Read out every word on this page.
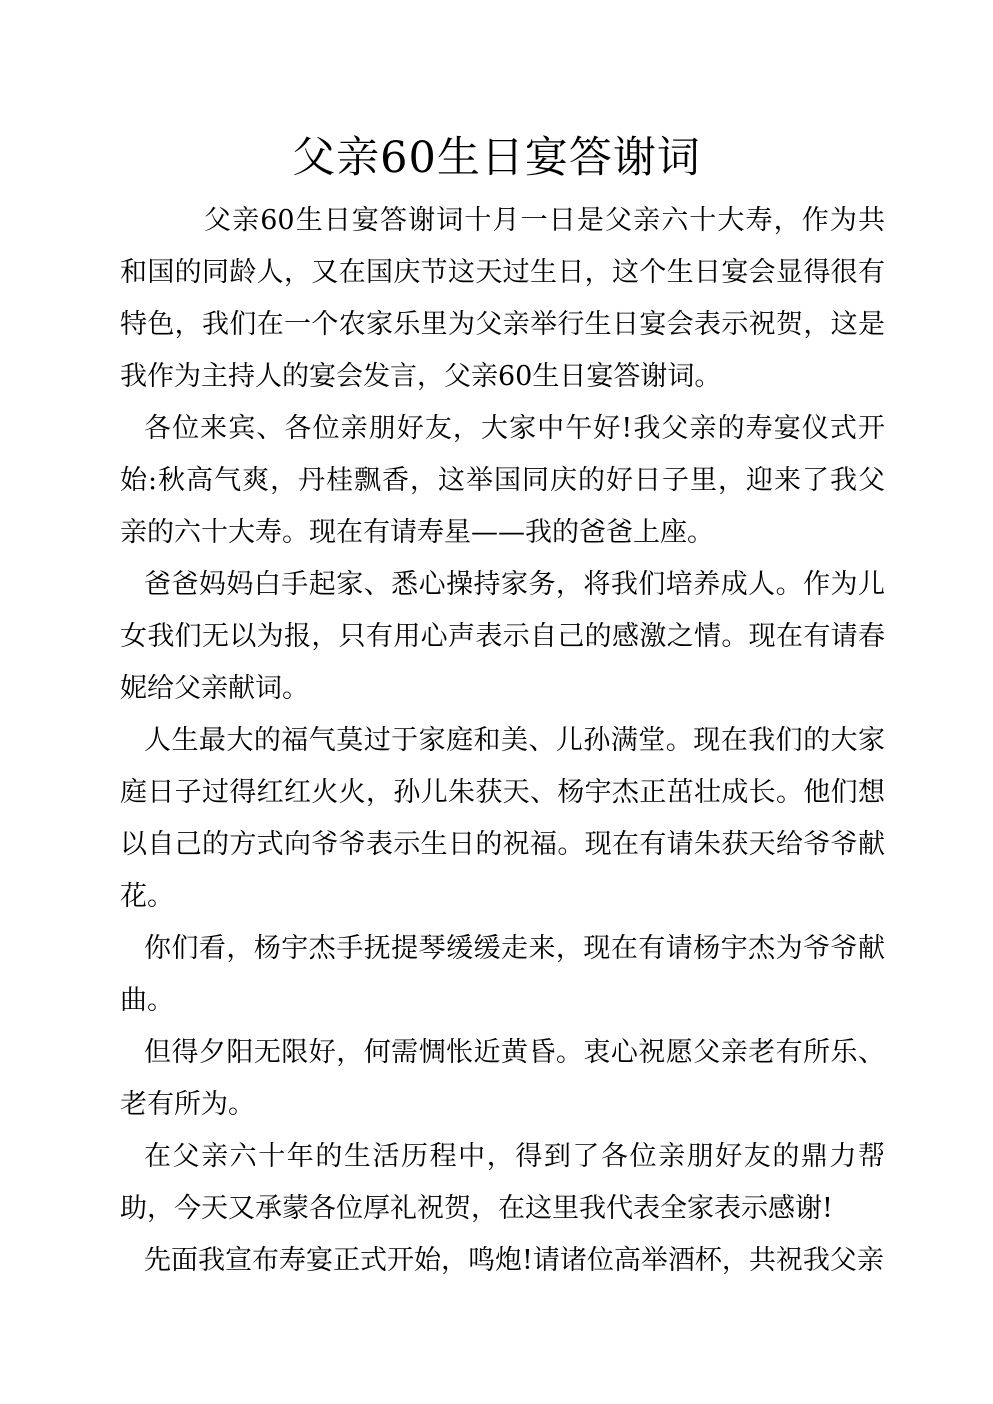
父亲60生日宴答谢词

父亲60生日宴答谢词十月一日是父亲六十大寿，作为共和国的同龄人，又在国庆节这天过生日，这个生日宴会显得很有特色，我们在一个农家乐里为父亲举行生日宴会表示祝贺，这是我作为主持人的宴会发言，父亲60生日宴答谢词。

各位来宾、各位亲朋好友，大家中午好!我父亲的寿宴仪式开始:秋高气爽，丹桂飘香，这举国同庆的好日子里，迎来了我父亲的六十大寿。现在有请寿星——我的爸爸上座。

爸爸妈妈白手起家、悉心操持家务，将我们培养成人。作为儿女我们无以为报，只有用心声表示自己的感激之情。现在有请春妮给父亲献词。

人生最大的福气莫过于家庭和美、儿孙满堂。现在我们的大家庭日子过得红红火火，孙儿朱获天、杨宇杰正茁壮成长。他们想以自己的方式向爷爷表示生日的祝福。现在有请朱获天给爷爷献花。

你们看，杨宇杰手抚提琴缓缓走来，现在有请杨宇杰为爷爷献曲。

但得夕阳无限好，何需惆怅近黄昏。衷心祝愿父亲老有所乐、老有所为。

在父亲六十年的生活历程中，得到了各位亲朋好友的鼎力帮助，今天又承蒙各位厚礼祝贺，在这里我代表全家表示感谢!

先面我宣布寿宴正式开始，鸣炮!请诸位高举酒杯，共祝我父亲
